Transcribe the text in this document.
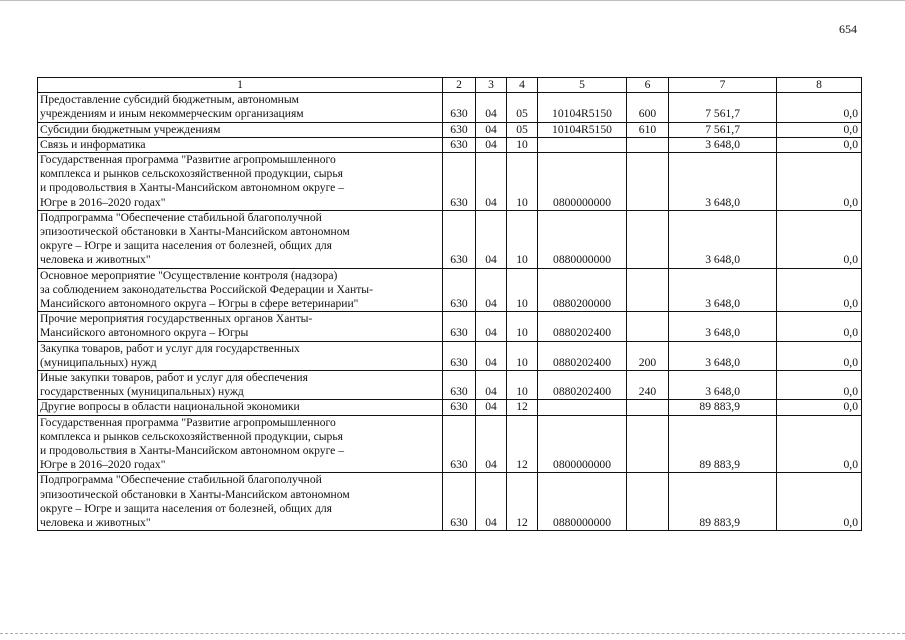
654
1	2	3	4	5	6	7	8
Предоставление субсидий бюджетным, автономным
учреждениям и иным некоммерческим организациям	630	04	05	10104R5150	600	7 561,7	0,0
Субсидии бюджетным учреждениям	630	04	05	10104R5150	610	7 561,7	0,0
Связь и информатика	630	04	10			3 648,0	0,0
Государственная программа "Развитие агропромышленного
комплекса и рынков сельскохозяйственной продукции, сырья
и продовольствия в Ханты-Мансийском автономном округе –
Югре в 2016–2020 годах"	630	04	10	0800000000		3 648,0	0,0
Подпрограмма "Обеспечение стабильной благополучной
эпизоотической обстановки в Ханты-Мансийском автономном
округе – Югре и защита населения от болезней, общих для
человека и животных"	630	04	10	0880000000		3 648,0	0,0
Основное мероприятие "Осуществление контроля (надзора)
за соблюдением законодательства Российской Федерации и Ханты-
Мансийского автономного округа – Югры в сфере ветеринарии"	630	04	10	0880200000		3 648,0	0,0
Прочие мероприятия государственных органов Ханты-
Мансийского автономного округа – Югры	630	04	10	0880202400		3 648,0	0,0
Закупка товаров, работ и услуг для государственных
(муниципальных) нужд	630	04	10	0880202400	200	3 648,0	0,0
Иные закупки товаров, работ и услуг для обеспечения
государственных (муниципальных) нужд	630	04	10	0880202400	240	3 648,0	0,0
Другие вопросы в области национальной экономики	630	04	12			89 883,9	0,0
Государственная программа "Развитие агропромышленного
комплекса и рынков сельскохозяйственной продукции, сырья
и продовольствия в Ханты-Мансийском автономном округе –
Югре в 2016–2020 годах"	630	04	12	0800000000		89 883,9	0,0
Подпрограмма "Обеспечение стабильной благополучной
эпизоотической обстановки в Ханты-Мансийском автономном
округе – Югре и защита населения от болезней, общих для
человека и животных"	630	04	12	0880000000		89 883,9	0,0
